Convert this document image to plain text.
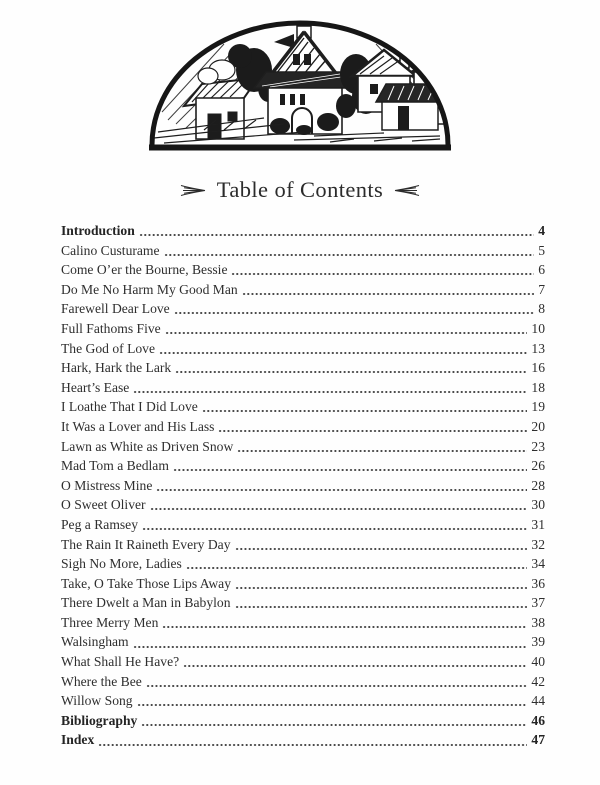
Table of Contents
Introduction	4
Calino Custurame	5
Come O’er the Bourne, Bessie	6
Do Me No Harm My Good Man	7
Farewell Dear Love	8
Full Fathoms Five	10
The God of Love	13
Hark, Hark the Lark	16
Heart’s Ease	18
I Loathe That I Did Love	19
It Was a Lover and His Lass	20
Lawn as White as Driven Snow	23
Mad Tom a Bedlam	26
O Mistress Mine	28
O Sweet Oliver	30
Peg a Ramsey	31
The Rain It Raineth Every Day	32
Sigh No More, Ladies	34
Take, O Take Those Lips Away	36
There Dwelt a Man in Babylon	37
Three Merry Men	38
Walsingham	39
What Shall He Have?	40
Where the Bee	42
Willow Song	44
Bibliography	46
Index	47
